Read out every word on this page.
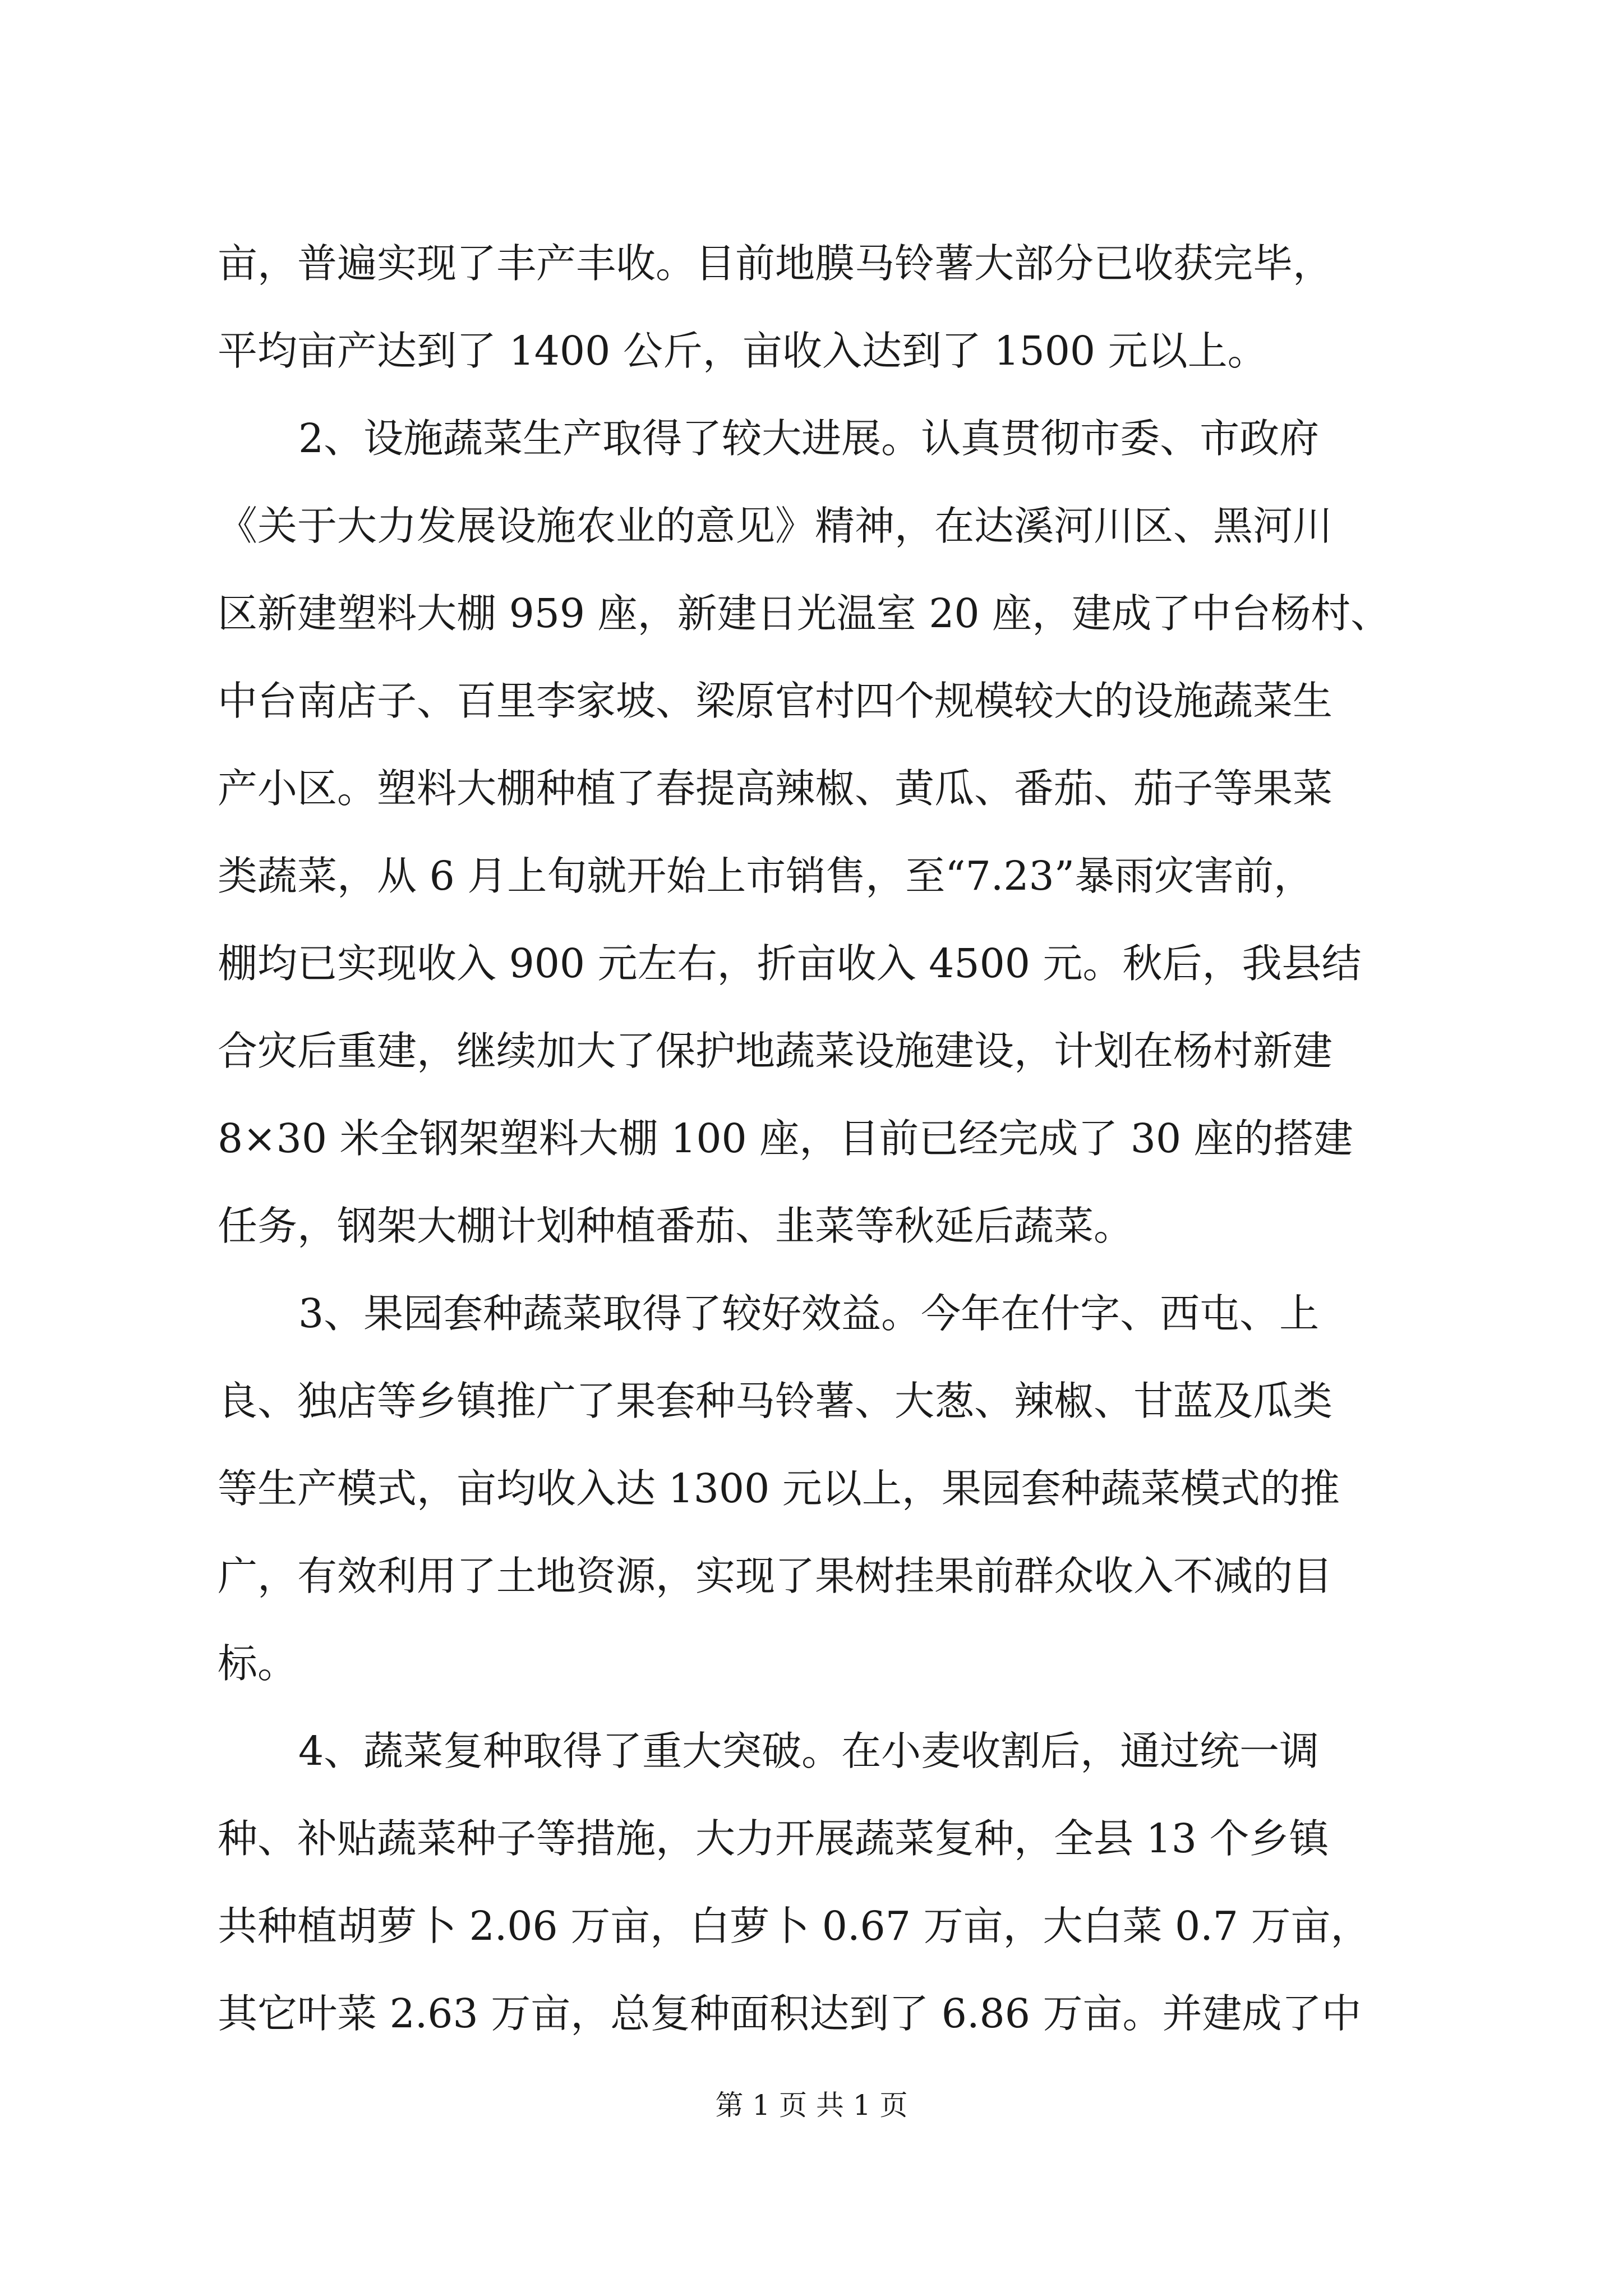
亩，普遍实现了丰产丰收。目前地膜马铃薯大部分已收获完毕，
平均亩产达到了 1400 公斤，亩收入达到了 1500 元以上。
2、设施蔬菜生产取得了较大进展。认真贯彻市委、市政府
《关于大力发展设施农业的意见》精神，在达溪河川区、黑河川
区新建塑料大棚 959 座，新建日光温室 20 座，建成了中台杨村、
中台南店子、百里李家坡、梁原官村四个规模较大的设施蔬菜生
产小区。塑料大棚种植了春提高辣椒、黄瓜、番茄、茄子等果菜
类蔬菜，从 6 月上旬就开始上市销售，至“7.23”暴雨灾害前，
棚均已实现收入 900 元左右，折亩收入 4500 元。秋后，我县结
合灾后重建，继续加大了保护地蔬菜设施建设，计划在杨村新建
8×30 米全钢架塑料大棚 100 座，目前已经完成了 30 座的搭建
任务，钢架大棚计划种植番茄、韭菜等秋延后蔬菜。
3、果园套种蔬菜取得了较好效益。今年在什字、西屯、上
良、独店等乡镇推广了果套种马铃薯、大葱、辣椒、甘蓝及瓜类
等生产模式，亩均收入达 1300 元以上，果园套种蔬菜模式的推
广，有效利用了土地资源，实现了果树挂果前群众收入不减的目
标。
4、蔬菜复种取得了重大突破。在小麦收割后，通过统一调
种、补贴蔬菜种子等措施，大力开展蔬菜复种，全县 13 个乡镇
共种植胡萝卜 2.06 万亩，白萝卜 0.67 万亩，大白菜 0.7 万亩，
其它叶菜 2.63 万亩，总复种面积达到了 6.86 万亩。并建成了中
第 1 页 共 1 页
